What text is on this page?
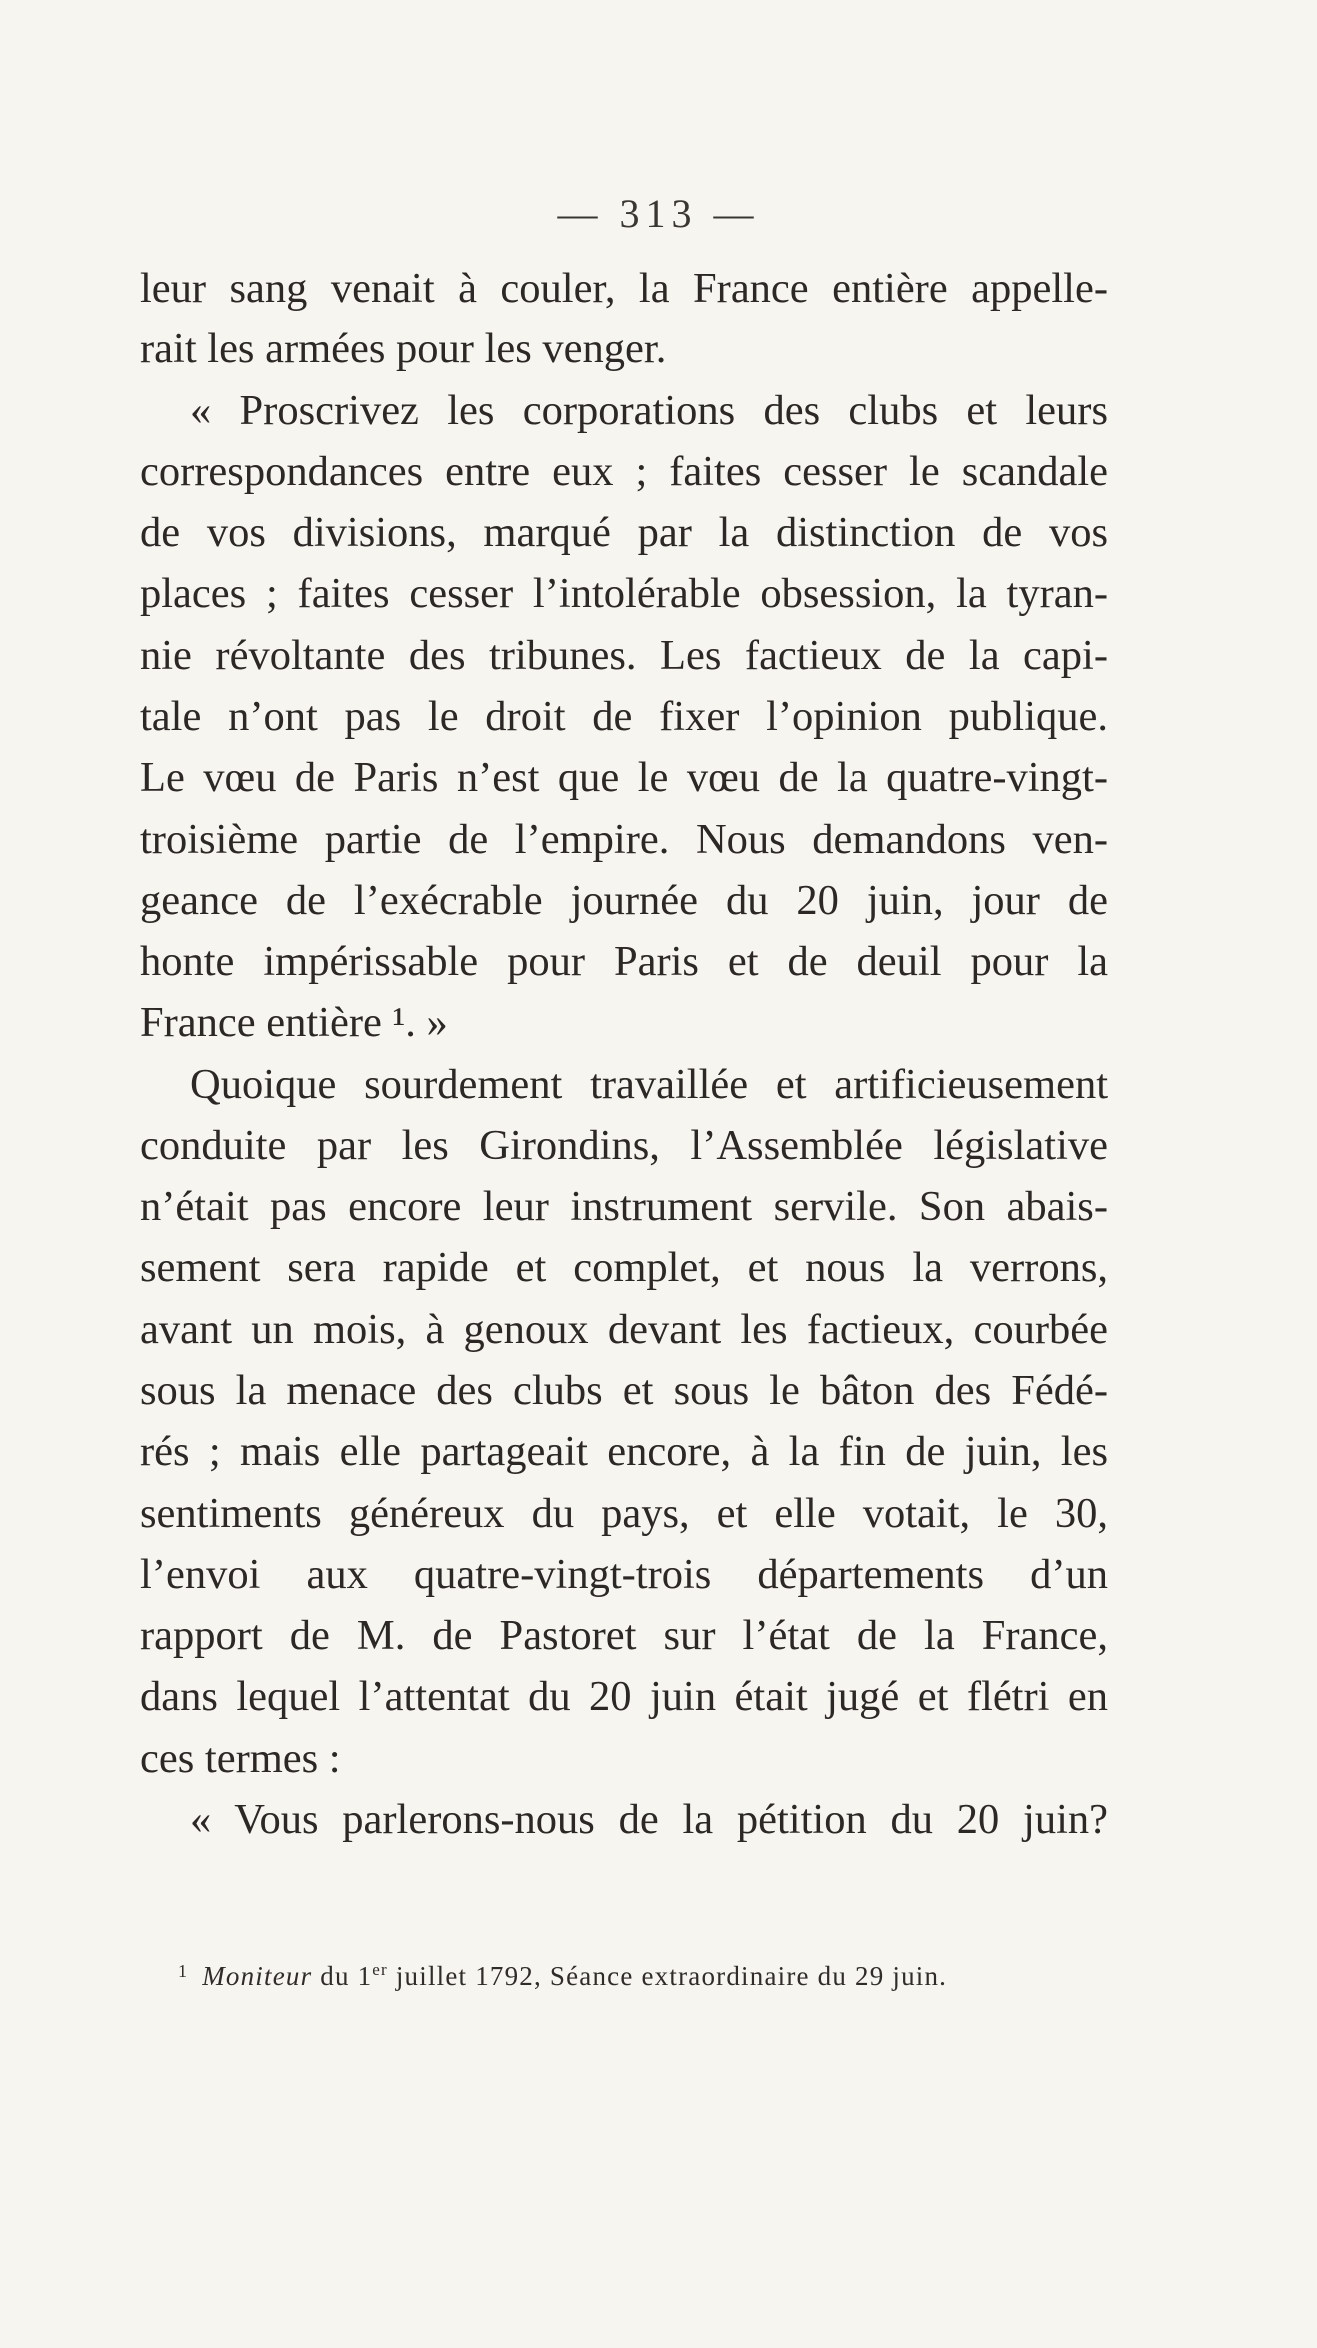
— 313 —
leur sang venait à couler, la France entière appelle-
rait les armées pour les venger.
« Proscrivez les corporations des clubs et leurs
correspondances entre eux ; faites cesser le scandale
de vos divisions, marqué par la distinction de vos
places ; faites cesser l’intolérable obsession, la tyran-
nie révoltante des tribunes. Les factieux de la capi-
tale n’ont pas le droit de fixer l’opinion publique.
Le vœu de Paris n’est que le vœu de la quatre-vingt-
troisième partie de l’empire. Nous demandons ven-
geance de l’exécrable journée du 20 juin, jour de
honte impérissable pour Paris et de deuil pour la
France entière ¹. »
Quoique sourdement travaillée et artificieusement
conduite par les Girondins, l’Assemblée législative
n’était pas encore leur instrument servile. Son abais-
sement sera rapide et complet, et nous la verrons,
avant un mois, à genoux devant les factieux, courbée
sous la menace des clubs et sous le bâton des Fédé-
rés ; mais elle partageait encore, à la fin de juin, les
sentiments généreux du pays, et elle votait, le 30,
l’envoi aux quatre-vingt-trois départements d’un
rapport de M. de Pastoret sur l’état de la France,
dans lequel l’attentat du 20 juin était jugé et flétri en
ces termes :
« Vous parlerons-nous de la pétition du 20 juin?
$^1$ Moniteur du 1er juillet 1792, Séance extraordinaire du 29 juin.
